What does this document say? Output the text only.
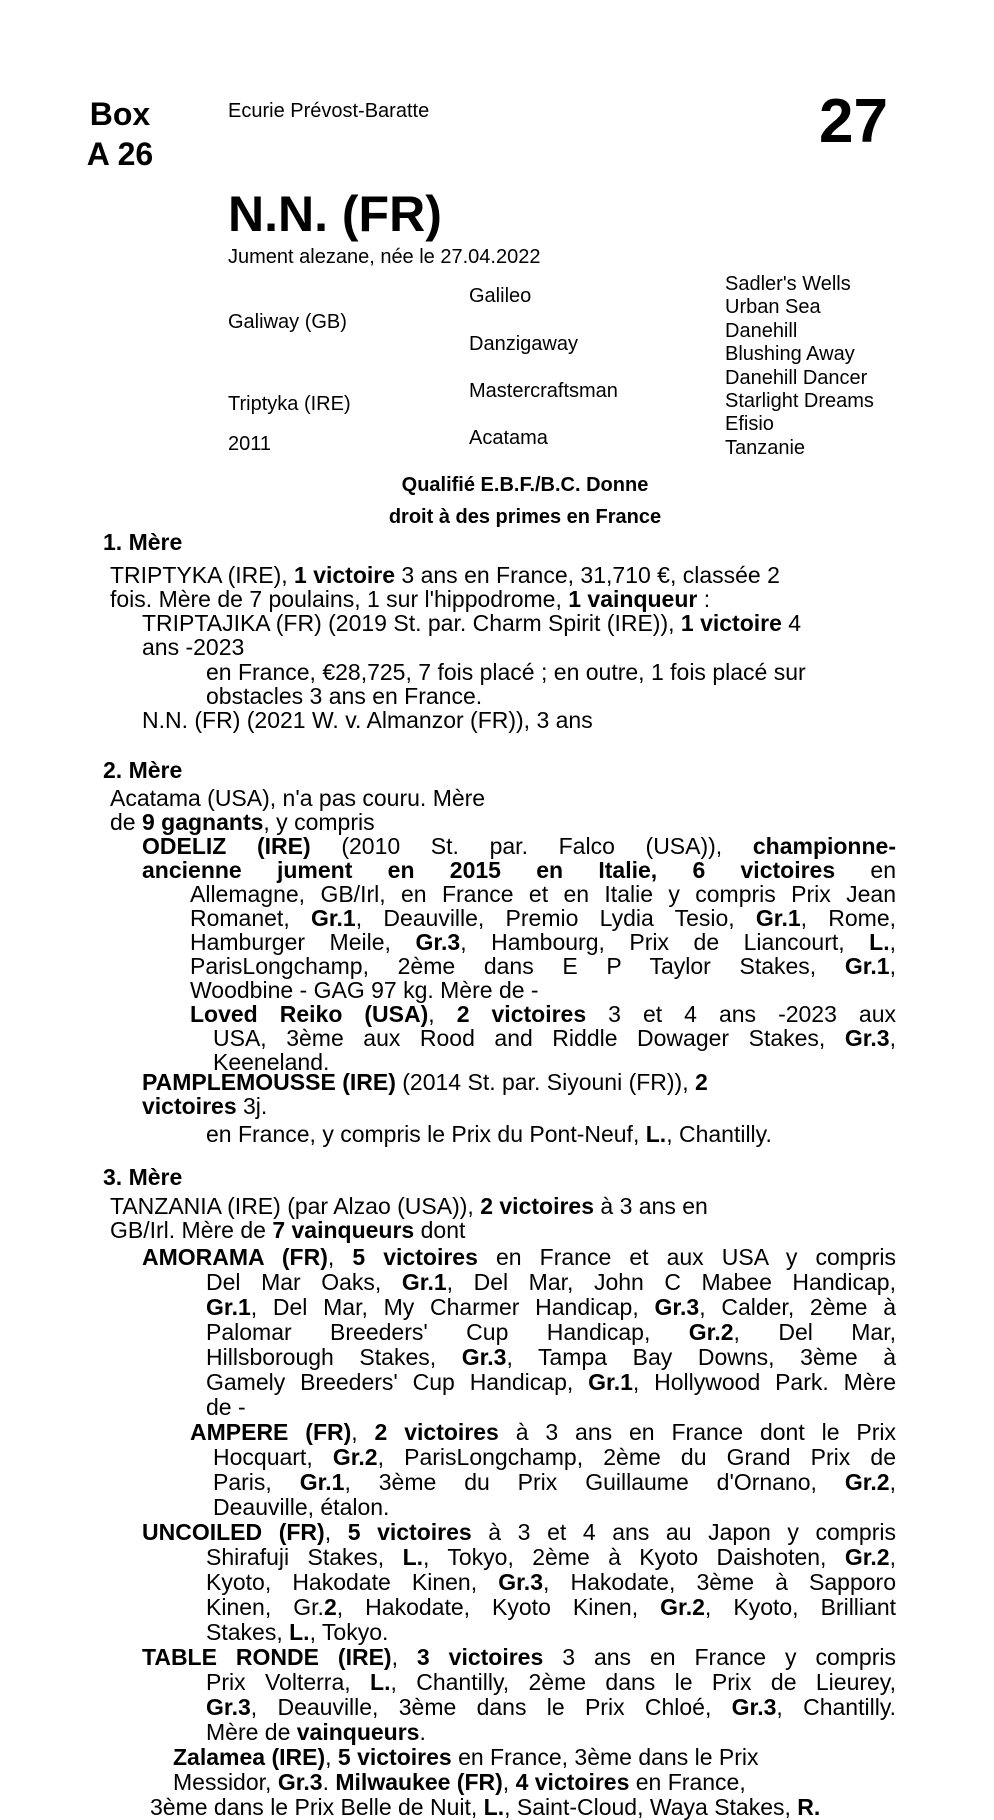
Box
A 26
Ecurie Prévost-Baratte	27
N.N. (FR)
Jument alezane, née le 27.04.2022
Galiway (GB)
Triptyka (IRE)
2011
Galileo
Danzigaway
Mastercraftsman
Acatama
Sadler's Wells
Urban Sea
Danehill
Blushing Away
Danehill Dancer
Starlight Dreams
Efisio
Tanzanie
Qualifié E.B.F./B.C. Donne
droit à des primes en France
1. Mère
TRIPTYKA (IRE), 1 victoire 3 ans en France, 31,710 €, classée 2
fois. Mère de 7 poulains, 1 sur l'hippodrome, 1 vainqueur :
TRIPTAJIKA (FR) (2019 St. par. Charm Spirit (IRE)), 1 victoire 4
ans -2023
en France, €28,725, 7 fois placé ; en outre, 1 fois placé sur
obstacles 3 ans en France.
N.N. (FR) (2021 W. v. Almanzor (FR)), 3 ans
2. Mère
Acatama (USA), n'a pas couru. Mère
de 9 gagnants, y compris
ODELIZ (IRE) (2010 St. par. Falco (USA)), championne-
ancienne jument en 2015 en Italie, 6 victoires en
Allemagne, GB/Irl, en France et en Italie y compris Prix Jean
Romanet, Gr.1, Deauville, Premio Lydia Tesio, Gr.1, Rome,
Hamburger Meile, Gr.3, Hambourg, Prix de Liancourt, L.,
ParisLongchamp, 2ème dans E P Taylor Stakes, Gr.1,
Woodbine - GAG 97 kg. Mère de -
Loved Reiko (USA), 2 victoires 3 et 4 ans -2023 aux
USA, 3ème aux Rood and Riddle Dowager Stakes, Gr.3,
Keeneland.
PAMPLEMOUSSE (IRE) (2014 St. par. Siyouni (FR)), 2
victoires 3j.
en France, y compris le Prix du Pont-Neuf, L., Chantilly.
3. Mère
TANZANIA (IRE) (par Alzao (USA)), 2 victoires à 3 ans en
GB/Irl. Mère de 7 vainqueurs dont
AMORAMA (FR), 5 victoires en France et aux USA y compris
Del Mar Oaks, Gr.1, Del Mar, John C Mabee Handicap,
Gr.1, Del Mar, My Charmer Handicap, Gr.3, Calder, 2ème à
Palomar Breeders' Cup Handicap, Gr.2, Del Mar,
Hillsborough Stakes, Gr.3, Tampa Bay Downs, 3ème à
Gamely Breeders' Cup Handicap, Gr.1, Hollywood Park. Mère
de -
AMPERE (FR), 2 victoires à 3 ans en France dont le Prix
Hocquart, Gr.2, ParisLongchamp, 2ème du Grand Prix de
Paris, Gr.1, 3ème du Prix Guillaume d'Ornano, Gr.2,
Deauville, étalon.
UNCOILED (FR), 5 victoires à 3 et 4 ans au Japon y compris
Shirafuji Stakes, L., Tokyo, 2ème à Kyoto Daishoten, Gr.2,
Kyoto, Hakodate Kinen, Gr.3, Hakodate, 3ème à Sapporo
Kinen, Gr.2, Hakodate, Kyoto Kinen, Gr.2, Kyoto, Brilliant
Stakes, L., Tokyo.
TABLE RONDE (IRE), 3 victoires 3 ans en France y compris
Prix Volterra, L., Chantilly, 2ème dans le Prix de Lieurey,
Gr.3, Deauville, 3ème dans le Prix Chloé, Gr.3, Chantilly.
Mère de vainqueurs.
Zalamea (IRE), 5 victoires en France, 3ème dans le Prix
Messidor, Gr.3. Milwaukee (FR), 4 victoires en France,
3ème dans le Prix Belle de Nuit, L., Saint-Cloud, Waya Stakes, R.
